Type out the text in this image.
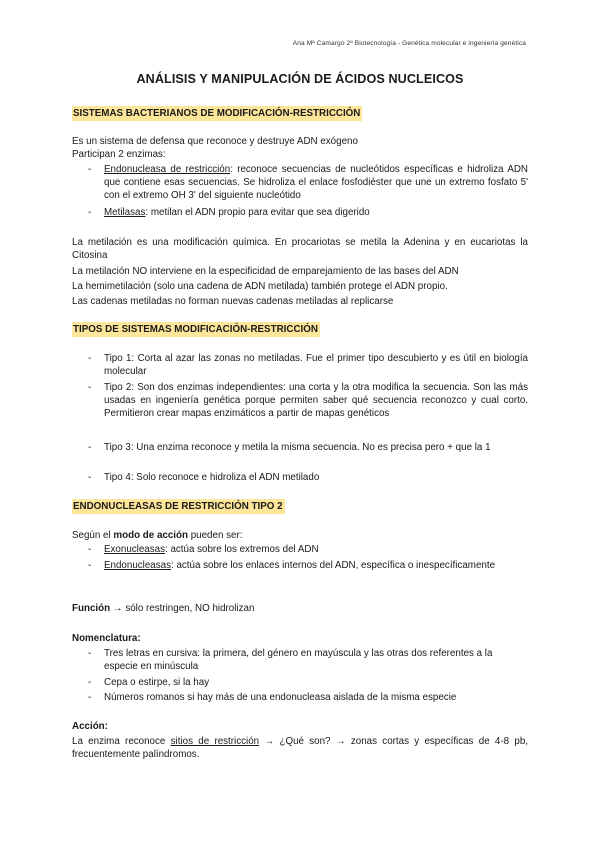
Ana Mª Camargo 2º Biotecnología - Genética molecular e ingeniería genética
ANÁLISIS Y MANIPULACIÓN DE ÁCIDOS NUCLEICOS
SISTEMAS BACTERIANOS DE MODIFICACIÓN-RESTRICCIÓN
Es un sistema de defensa que reconoce y destruye ADN exógeno
Participan 2 enzimas:
- Endonucleasa de restricción: reconoce secuencias de nucleótidos específicas e hidroliza ADN que contiene esas secuencias. Se hidroliza el enlace fosfodiéster que une un extremo fosfato 5' con el extremo OH 3' del siguiente nucleótido
- Metilasas: metilan el ADN propio para evitar que sea digerido
La metilación es una modificación química. En procariotas se metila la Adenina y en eucariotas la Citosina
La metilación NO interviene en la especificidad de emparejamiento de las bases del ADN
La hemimetilación (solo una cadena de ADN metilada) también protege el ADN propio.
Las cadenas metiladas no forman nuevas cadenas metiladas al replicarse
TIPOS DE SISTEMAS MODIFICACIÓN-RESTRICCIÓN
- Tipo 1: Corta al azar las zonas no metiladas. Fue el primer tipo descubierto y es útil en biología molecular
- Tipo 2: Son dos enzimas independientes: una corta y la otra modifica la secuencia. Son las más usadas en ingeniería genética porque permiten saber qué secuencia reconozco y cual corto. Permitieron crear mapas enzimáticos a partir de mapas genéticos
- Tipo 3: Una enzima reconoce y metila la misma secuencia. No es precisa pero + que la 1
- Tipo 4: Solo reconoce e hidroliza el ADN metilado
ENDONUCLEASAS DE RESTRICCIÓN TIPO 2
Según el modo de acción pueden ser:
- Exonucleasas: actúa sobre los extremos del ADN
- Endonucleasas: actúa sobre los enlaces internos del ADN, específica o inespecíficamente
Función → sólo restringen, NO hidrolizan
Nomenclatura:
- Tres letras en cursiva: la primera, del género en mayúscula y las otras dos referentes a la especie en minúscula
- Cepa o estirpe, si la hay
- Números romanos si hay más de una endonucleasa aislada de la misma especie
Acción:
La enzima reconoce sitios de restricción → ¿Qué son? → zonas cortas y específicas de 4-8 pb, frecuentemente palíndromos.
